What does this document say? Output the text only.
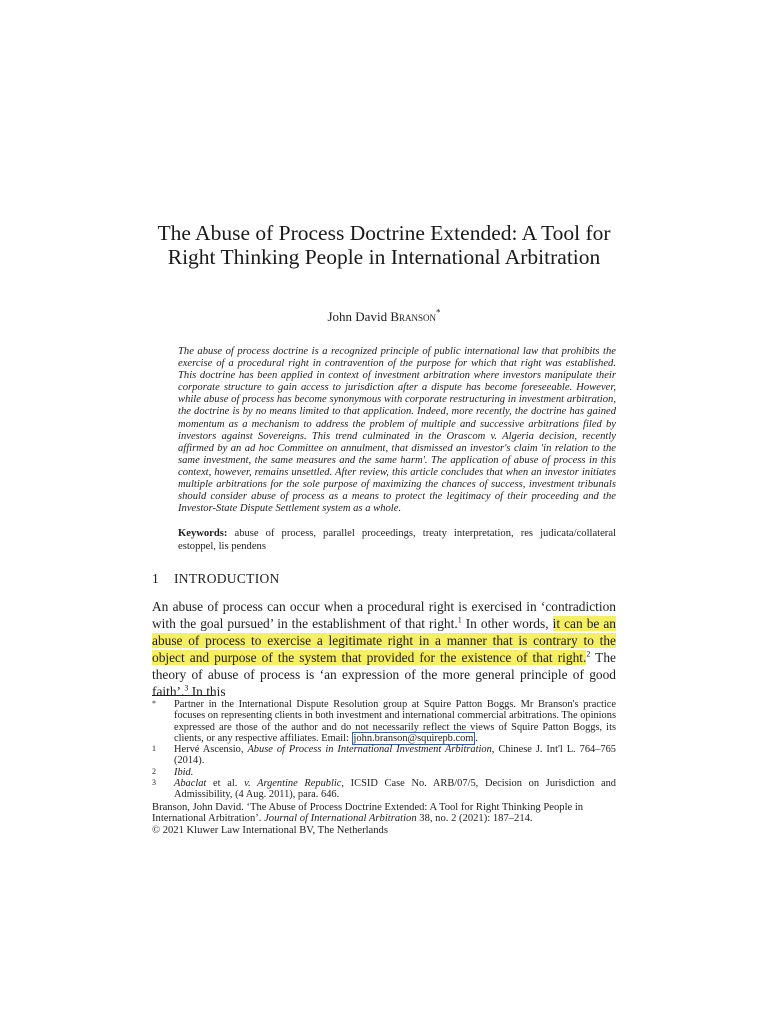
The Abuse of Process Doctrine Extended: A Tool for Right Thinking People in International Arbitration
John David Branson*

The abuse of process doctrine is a recognized principle of public international law that prohibits the exercise of a procedural right in contravention of the purpose for which that right was established. This doctrine has been applied in context of investment arbitration where investors manipulate their corporate structure to gain access to jurisdiction after a dispute has become foreseeable. However, while abuse of process has become synonymous with corporate restructuring in investment arbitration, the doctrine is by no means limited to that application. Indeed, more recently, the doctrine has gained momentum as a mechanism to address the problem of multiple and successive arbitrations filed by investors against Sovereigns. This trend culminated in the Orascom v. Algeria decision, recently affirmed by an ad hoc Committee on annulment, that dismissed an investor's claim 'in relation to the same investment, the same measures and the same harm'. The application of abuse of process in this context, however, remains unsettled. After review, this article concludes that when an investor initiates multiple arbitrations for the sole purpose of maximizing the chances of success, investment tribunals should consider abuse of process as a means to protect the legitimacy of their proceeding and the Investor-State Dispute Settlement system as a whole.

Keywords: abuse of process, parallel proceedings, treaty interpretation, res judicata/collateral estoppel, lis pendens

1 INTRODUCTION

An abuse of process can occur when a procedural right is exercised in ‘contradiction with the goal pursued’ in the establishment of that right.$^1$ In other words, it can be an abuse of process to exercise a legitimate right in a manner that is contrary to the object and purpose of the system that provided for the existence of that right.$^2$ The theory of abuse of process is ‘an expression of the more general principle of good faith’.$^3$ In this

* Partner in the International Dispute Resolution group at Squire Patton Boggs. Mr Branson's practice focuses on representing clients in both investment and international commercial arbitrations. The opinions expressed are those of the author and do not necessarily reflect the views of Squire Patton Boggs, its clients, or any respective affiliates. Email: john.branson@squirepb.com .
1 Hervé Ascensio, Abuse of Process in International Investment Arbitration, Chinese J. Int'l L. 764–765 (2014).
2 Ibid.
3 Abaclat et al. v. Argentine Republic, ICSID Case No. ARB/07/5, Decision on Jurisdiction and Admissibility, (4 Aug. 2011), para. 646.

Branson, John David. ‘The Abuse of Process Doctrine Extended: A Tool for Right Thinking People in International Arbitration’. Journal of International Arbitration 38, no. 2 (2021): 187–214.
© 2021 Kluwer Law International BV, The Netherlands
